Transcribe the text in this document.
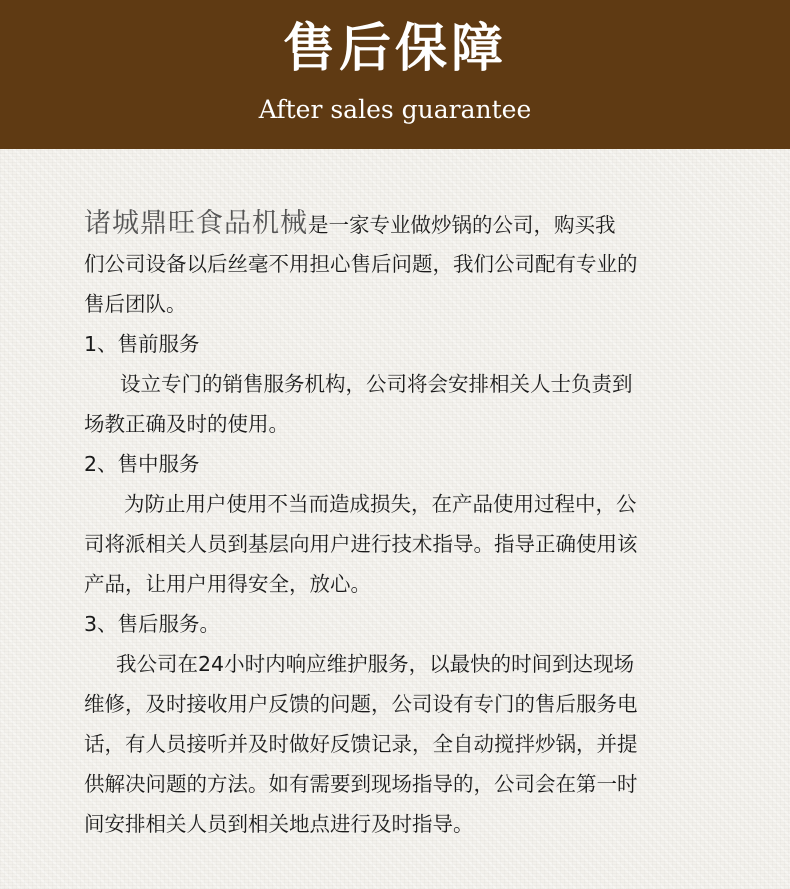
售后保障
After sales guarantee
诸城鼎旺食品机械是一家专业做炒锅的公司，购买我
们公司设备以后丝毫不用担心售后问题，我们公司配有专业的
售后团队。
1、售前服务
设立专门的销售服务机构，公司将会安排相关人士负责到
场教正确及时的使用。
2、售中服务
为防止用户使用不当而造成损失，在产品使用过程中，公
司将派相关人员到基层向用户进行技术指导。指导正确使用该
产品，让用户用得安全，放心。
3、售后服务。
我公司在24小时内响应维护服务，以最快的时间到达现场
维修，及时接收用户反馈的问题，公司设有专门的售后服务电
话，有人员接听并及时做好反馈记录，全自动搅拌炒锅，并提
供解决问题的方法。如有需要到现场指导的，公司会在第一时
间安排相关人员到相关地点进行及时指导。
